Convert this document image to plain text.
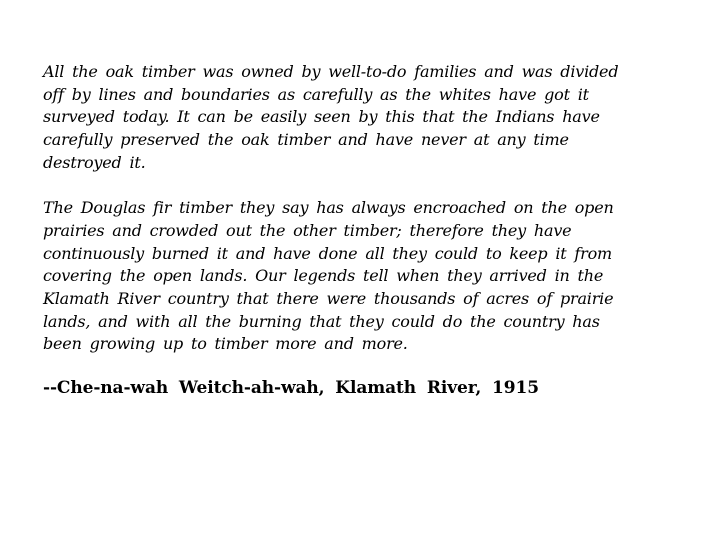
All the oak timber was owned by well-to-do families and was divided
off by lines and boundaries as carefully as the whites have got it
surveyed today. It can be easily seen by this that the Indians have
carefully preserved the oak timber and have never at any time
destroyed it.
The Douglas fir timber they say has always encroached on the open
prairies and crowded out the other timber; therefore they have
continuously burned it and have done all they could to keep it from
covering the open lands. Our legends tell when they arrived in the
Klamath River country that there were thousands of acres of prairie
lands, and with all the burning that they could do the country has
been growing up to timber more and more.
--Che-na-wah Weitch-ah-wah, Klamath River, 1915
